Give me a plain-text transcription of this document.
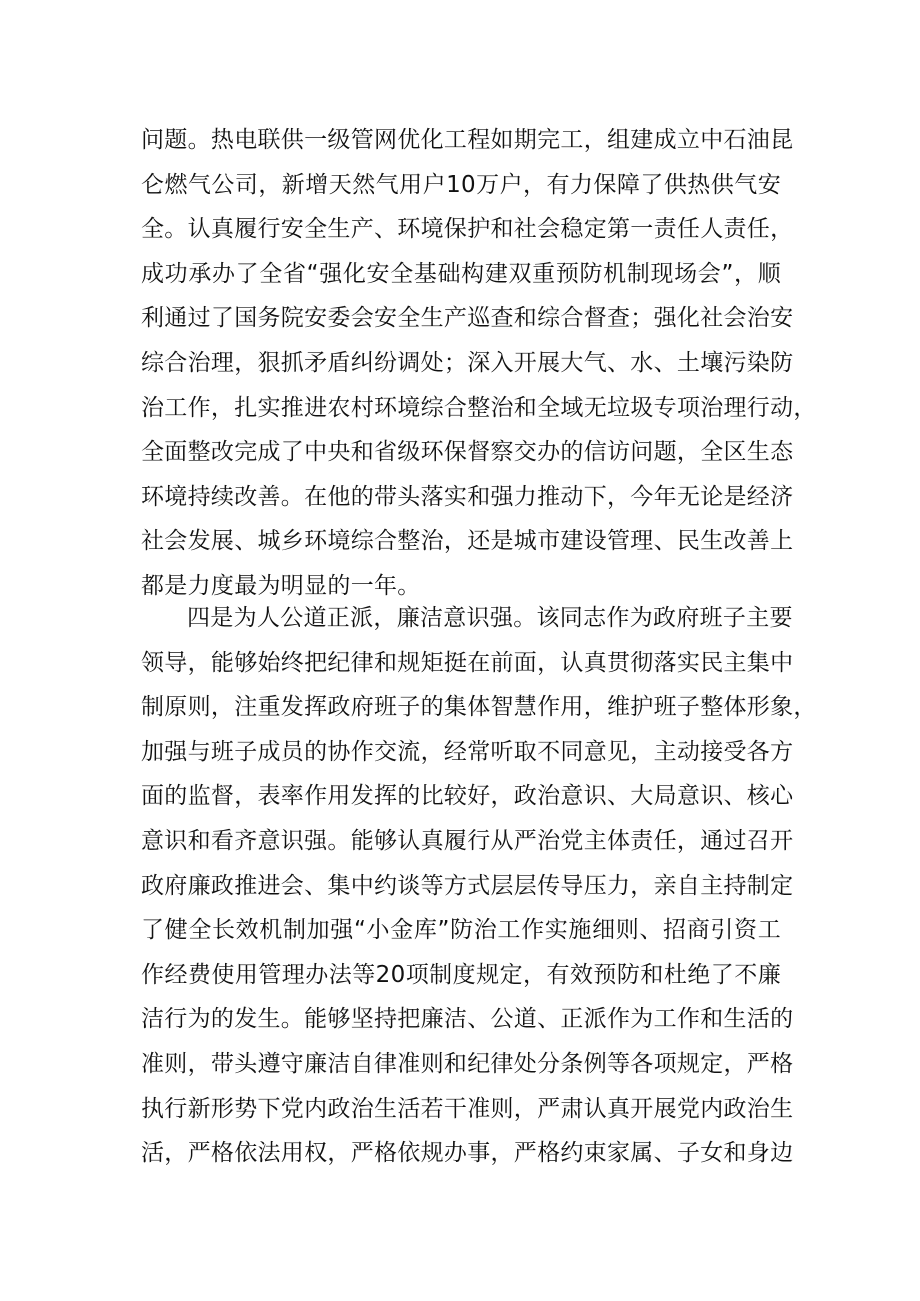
问题。热电联供一级管网优化工程如期完工，组建成立中石油昆
仑燃气公司，新增天然气用户10万户，有力保障了供热供气安
全。认真履行安全生产、环境保护和社会稳定第一责任人责任，
成功承办了全省“强化安全基础构建双重预防机制现场会”，顺
利通过了国务院安委会安全生产巡查和综合督查；强化社会治安
综合治理，狠抓矛盾纠纷调处；深入开展大气、水、土壤污染防
治工作，扎实推进农村环境综合整治和全域无垃圾专项治理行动，
全面整改完成了中央和省级环保督察交办的信访问题，全区生态
环境持续改善。在他的带头落实和强力推动下，今年无论是经济
社会发展、城乡环境综合整治，还是城市建设管理、民生改善上
都是力度最为明显的一年。
四是为人公道正派，廉洁意识强。该同志作为政府班子主要
领导，能够始终把纪律和规矩挺在前面，认真贯彻落实民主集中
制原则，注重发挥政府班子的集体智慧作用，维护班子整体形象，
加强与班子成员的协作交流，经常听取不同意见，主动接受各方
面的监督，表率作用发挥的比较好，政治意识、大局意识、核心
意识和看齐意识强。能够认真履行从严治党主体责任，通过召开
政府廉政推进会、集中约谈等方式层层传导压力，亲自主持制定
了健全长效机制加强“小金库”防治工作实施细则、招商引资工
作经费使用管理办法等20项制度规定，有效预防和杜绝了不廉
洁行为的发生。能够坚持把廉洁、公道、正派作为工作和生活的
准则，带头遵守廉洁自律准则和纪律处分条例等各项规定，严格
执行新形势下党内政治生活若干准则，严肃认真开展党内政治生
活，严格依法用权，严格依规办事，严格约束家属、子女和身边
